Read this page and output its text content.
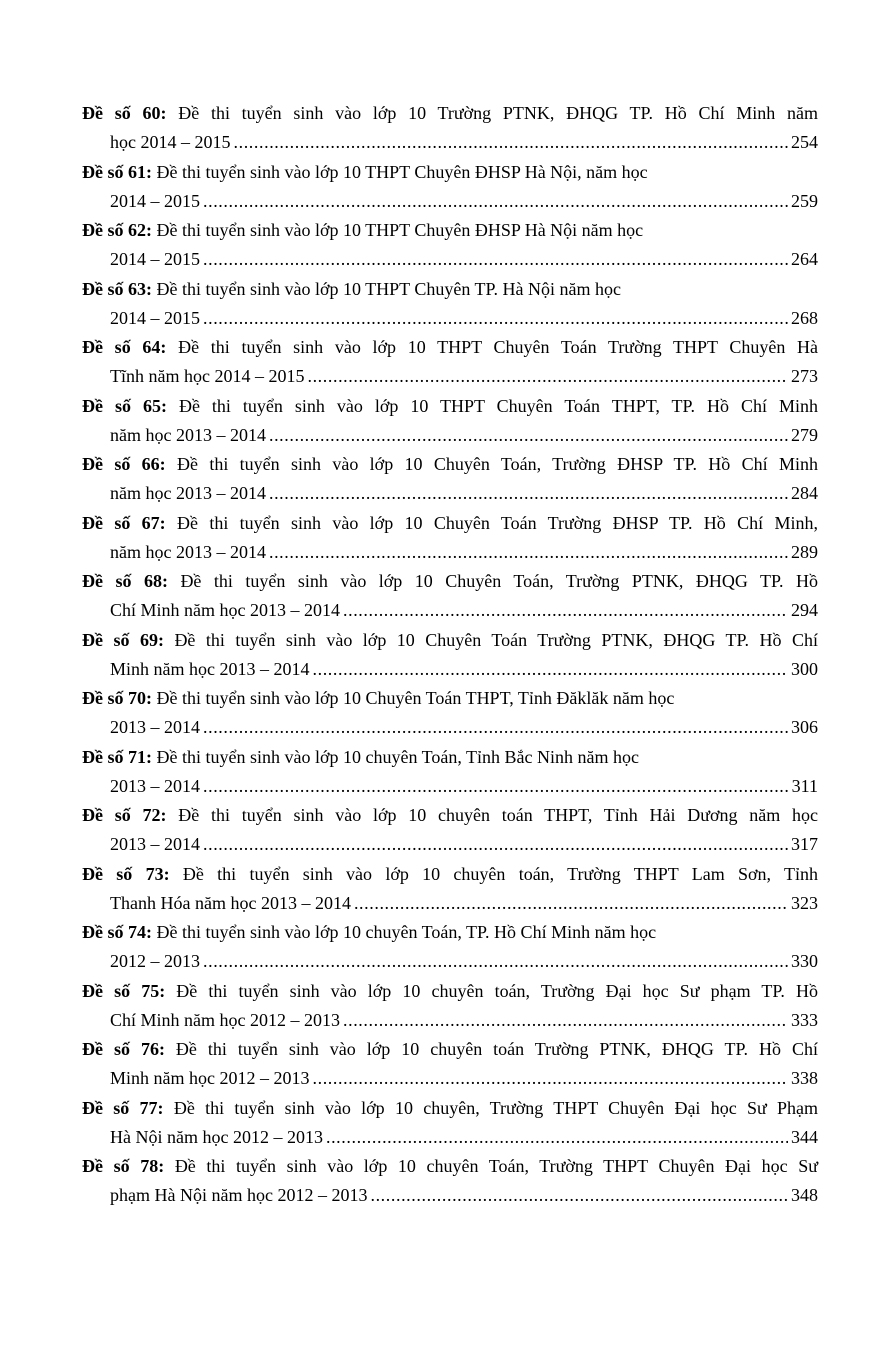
Đề số 60: Đề thi tuyển sinh vào lớp 10 Trường PTNK, ĐHQG TP. Hồ Chí Minh năm
học 2014 – 2015 .....	254
Đề số 61: Đề thi tuyển sinh vào lớp 10 THPT Chuyên ĐHSP Hà Nội, năm học
2014 – 2015 .....	259
Đề số 62: Đề thi tuyển sinh vào lớp 10 THPT Chuyên ĐHSP Hà Nội năm học
2014 – 2015 .....	264
Đề số 63: Đề thi tuyển sinh vào lớp 10 THPT Chuyên TP. Hà Nội năm học
2014 – 2015 .....	268
Đề số 64: Đề thi tuyển sinh vào lớp 10 THPT Chuyên Toán Trường THPT Chuyên Hà
Tĩnh năm học 2014 – 2015 .....	273
Đề số 65: Đề thi tuyển sinh vào lớp 10 THPT Chuyên Toán THPT, TP. Hồ Chí Minh
năm học 2013 – 2014 .....	279
Đề số 66: Đề thi tuyển sinh vào lớp 10 Chuyên Toán, Trường ĐHSP TP. Hồ Chí Minh
năm học 2013 – 2014 .....	284
Đề số 67: Đề thi tuyển sinh vào lớp 10 Chuyên Toán Trường ĐHSP TP. Hồ Chí Minh,
năm học 2013 – 2014 .....	289
Đề số 68: Đề thi tuyển sinh vào lớp 10 Chuyên Toán, Trường PTNK, ĐHQG TP. Hồ
Chí Minh năm học 2013 – 2014 .....	294
Đề số 69: Đề thi tuyển sinh vào lớp 10 Chuyên Toán Trường PTNK, ĐHQG TP. Hồ Chí
Minh năm học 2013 – 2014 .....	300
Đề số 70: Đề thi tuyển sinh vào lớp 10 Chuyên Toán THPT, Tỉnh Đăklăk năm học
2013 – 2014 .....	306
Đề số 71: Đề thi tuyển sinh vào lớp 10 chuyên Toán, Tỉnh Bắc Ninh năm học
2013 – 2014 .....	311
Đề số 72: Đề thi tuyển sinh vào lớp 10 chuyên toán THPT, Tỉnh Hải Dương năm học
2013 – 2014 .....	317
Đề số 73: Đề thi tuyển sinh vào lớp 10 chuyên toán, Trường THPT Lam Sơn, Tỉnh
Thanh Hóa năm học 2013 – 2014 .....	323
Đề số 74: Đề thi tuyển sinh vào lớp 10 chuyên Toán, TP. Hồ Chí Minh năm học
2012 – 2013 .....	330
Đề số 75: Đề thi tuyển sinh vào lớp 10 chuyên toán, Trường Đại học Sư phạm TP. Hồ
Chí Minh năm học 2012 – 2013 .....	333
Đề số 76: Đề thi tuyển sinh vào lớp 10 chuyên toán Trường PTNK, ĐHQG TP. Hồ Chí
Minh năm học 2012 – 2013 .....	338
Đề số 77: Đề thi tuyển sinh vào lớp 10 chuyên, Trường THPT Chuyên Đại học Sư Phạm
Hà Nội năm học 2012 – 2013 .....	344
Đề số 78: Đề thi tuyển sinh vào lớp 10 chuyên Toán, Trường THPT Chuyên Đại học Sư
phạm Hà Nội năm học 2012 – 2013 .....	348
